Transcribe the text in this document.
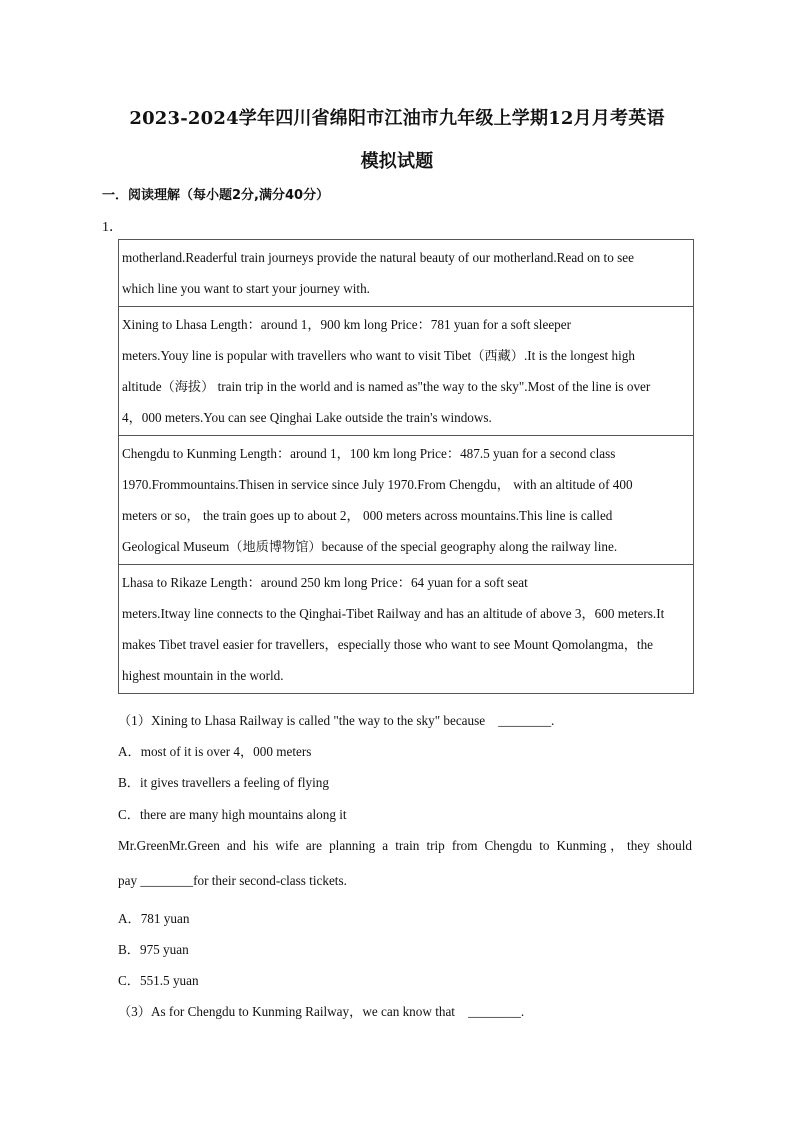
2023-2024学年四川省绵阳市江油市九年级上学期12月月考英语
模拟试题
一．阅读理解（每小题2分,满分40分）
1．
motherland.Readerful train journeys provide the natural beauty of our motherland.Read on to see
which line you want to start your journey with.

Xining to Lhasa Length：around 1，900 km long Price：781 yuan for a soft sleeper
meters.Youy line is popular with travellers who want to visit Tibet（西藏）.It is the longest high
altitude（海拔） train trip in the world and is named as"the way to the sky".Most of the line is over
4，000 meters.You can see Qinghai Lake outside the train's windows.

Chengdu to Kunming Length：around 1，100 km long Price：487.5 yuan for a second class
1970.Frommountains.Thisen in service since July 1970.From Chengdu， with an altitude of 400
meters or so， the train goes up to about 2， 000 meters across mountains.This line is called
Geological Museum（地质博物馆）because of the special geography along the railway line.

Lhasa to Rikaze Length：around 250 km long Price：64 yuan for a soft seat
meters.Itway line connects to the Qinghai-Tibet Railway and has an altitude of above 3，600 meters.It
makes Tibet travel easier for travellers，especially those who want to see Mount Qomolangma，the
highest mountain in the world.
（1）Xining to Lhasa Railway is called "the way to the sky" because　________.
A．most of it is over 4，000 meters
B．it gives travellers a feeling of flying
C．there are many high mountains along it
Mr.GreenMr.Green and his wife are planning a train trip from Chengdu to Kunming，they should
pay ________for their second-class tickets.
A．781 yuan
B．975 yuan
C．551.5 yuan
（3）As for Chengdu to Kunming Railway，we can know that　________.
